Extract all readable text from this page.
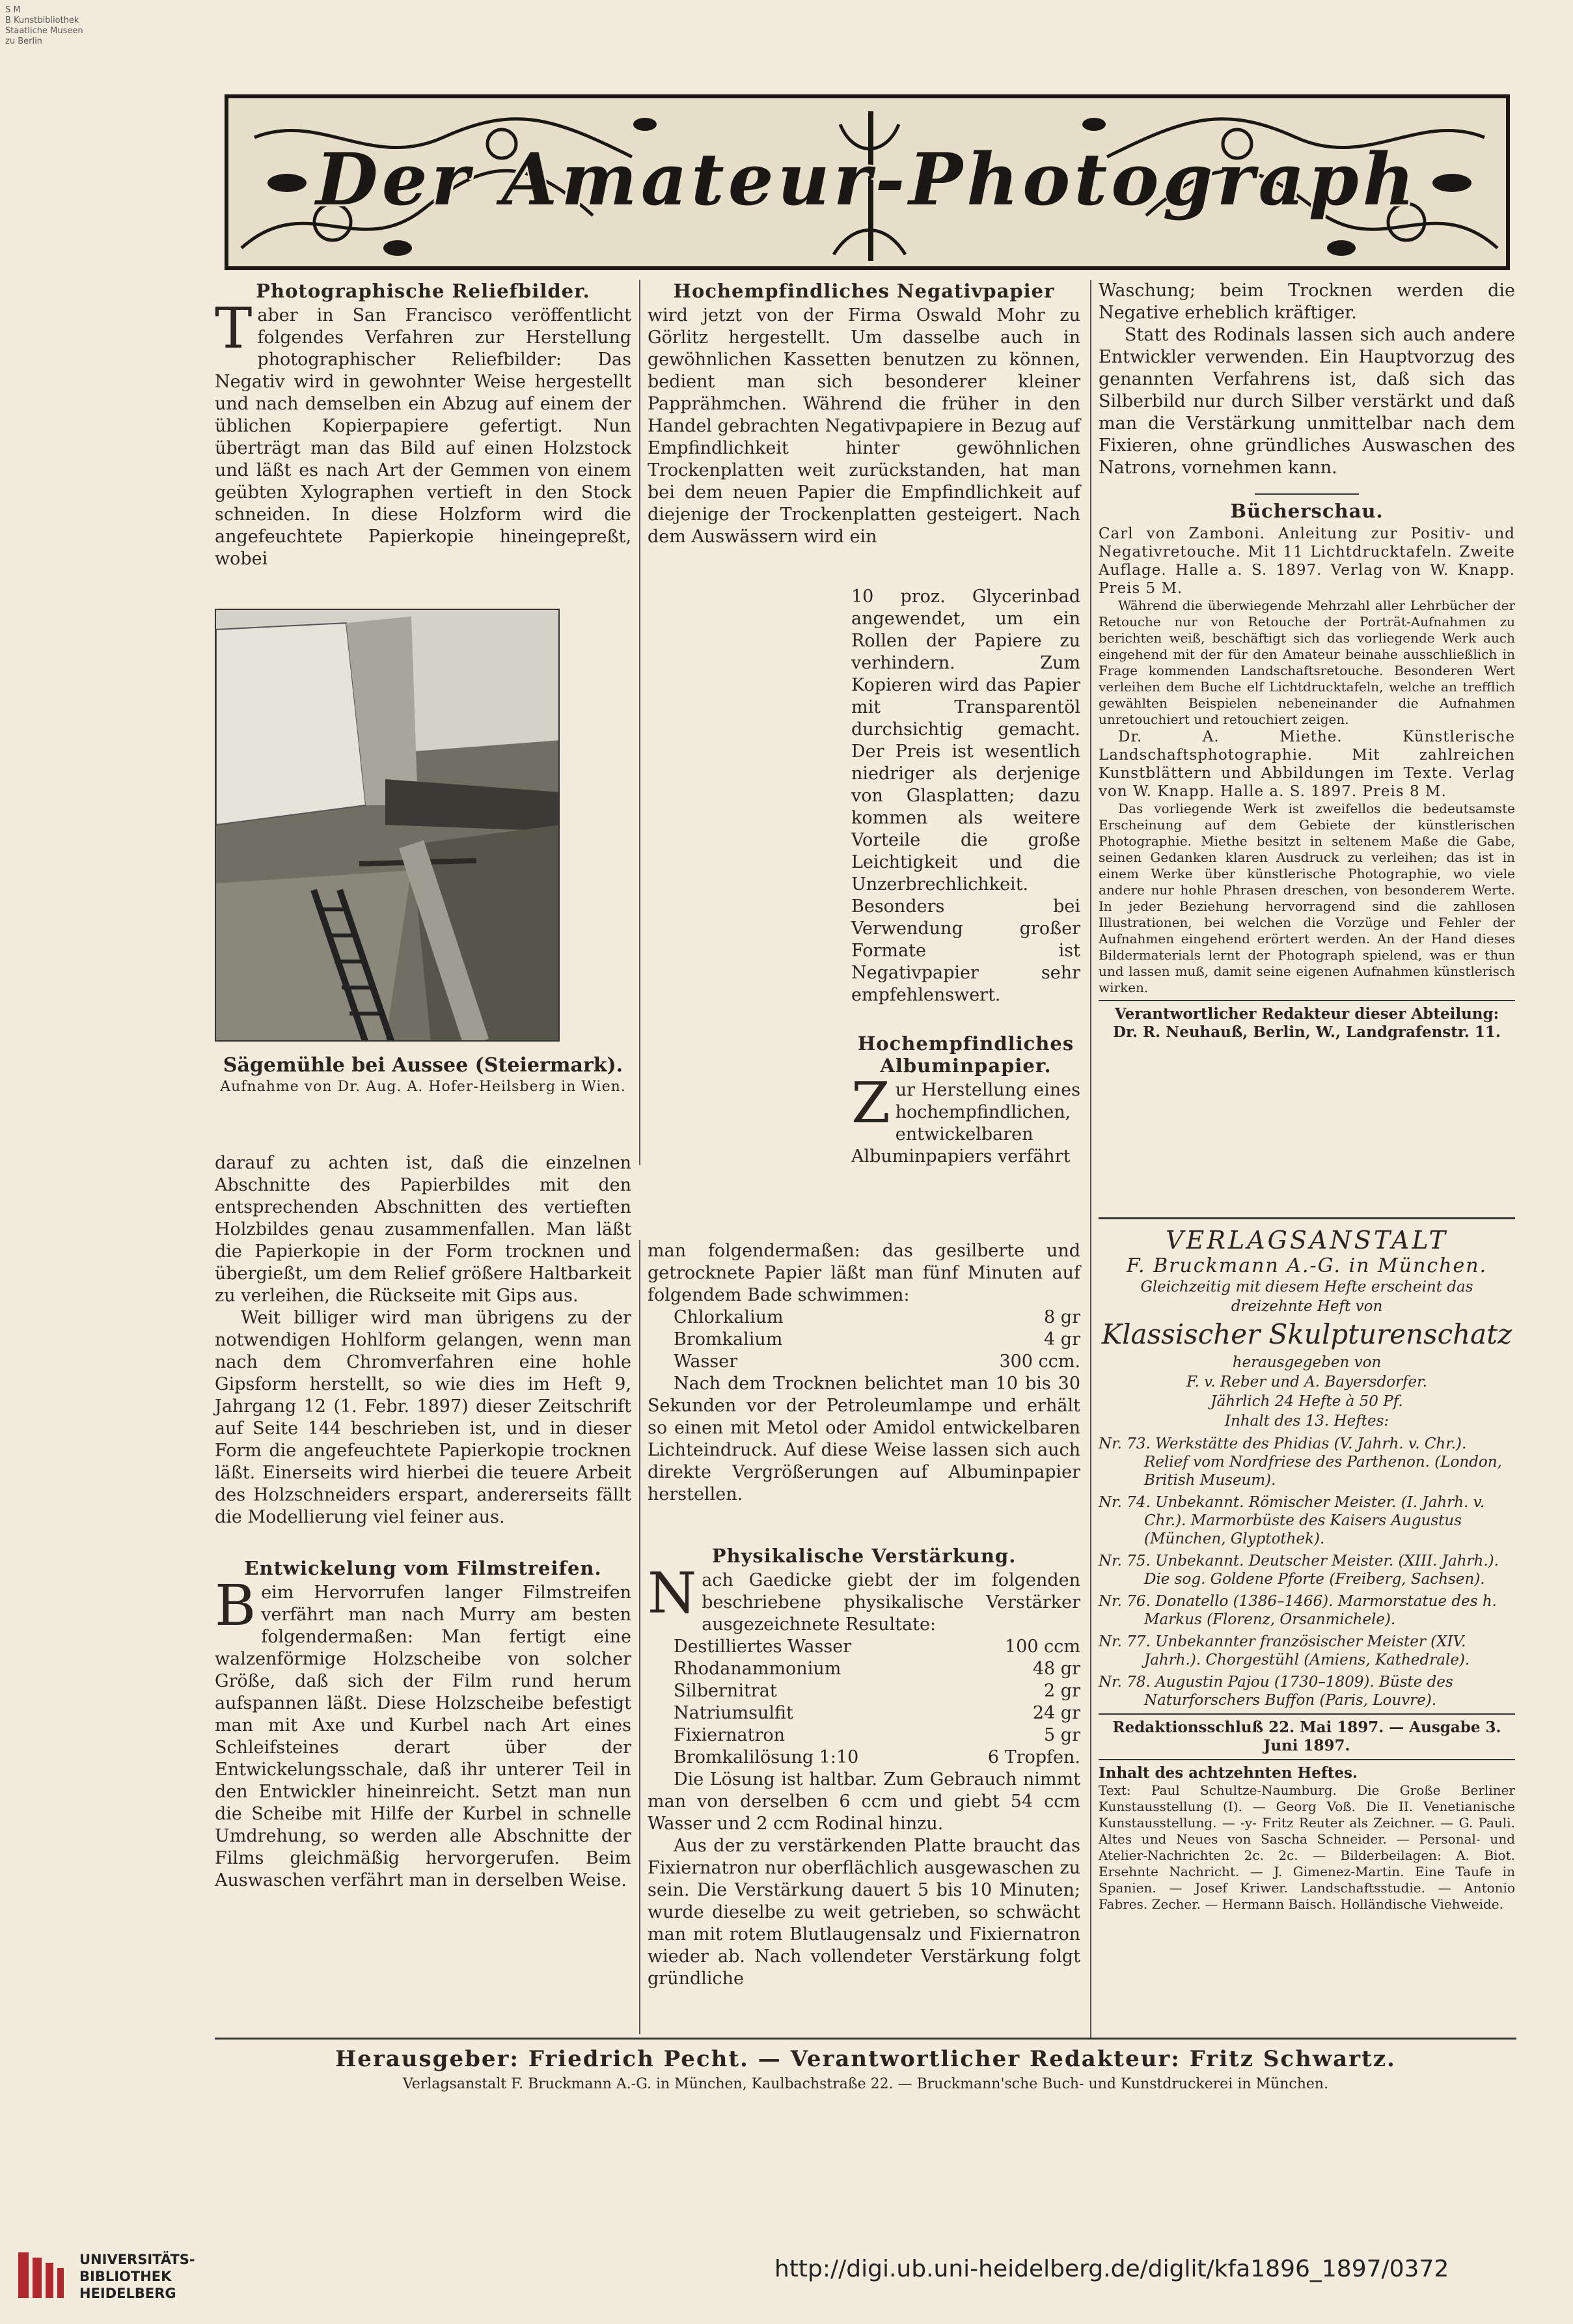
S M
B Kunstbibliothek
Staatliche Museen
zu Berlin
Der Amateur-Photograph
Photographische Reliefbilder.

Taber in San Francisco veröffentlicht folgendes Verfahren zur Herstellung photographischer Reliefbilder: Das Negativ wird in gewohnter Weise hergestellt und nach demselben ein Abzug auf einem der üblichen Kopierpapiere gefertigt. Nun überträgt man das Bild auf einen Holzstock und läßt es nach Art der Gemmen von einem geübten Xylographen vertieft in den Stock schneiden. In diese Holzform wird die angefeuchtete Papierkopie hineingepreßt, wobei

Sägemühle bei Aussee (Steiermark).
Aufnahme von Dr. Aug. A. Hofer-Heilsberg in Wien.

darauf zu achten ist, daß die einzelnen Abschnitte des Papierbildes mit den entsprechenden Abschnitten des vertieften Holzbildes genau zusammenfallen. Man läßt die Papierkopie in der Form trocknen und übergießt, um dem Relief größere Haltbarkeit zu verleihen, die Rückseite mit Gips aus.

Weit billiger wird man übrigens zu der notwendigen Hohlform gelangen, wenn man nach dem Chromverfahren eine hohle Gipsform herstellt, so wie dies im Heft 9, Jahrgang 12 (1. Febr. 1897) dieser Zeitschrift auf Seite 144 beschrieben ist, und in dieser Form die angefeuchtete Papierkopie trocknen läßt. Einerseits wird hierbei die teuere Arbeit des Holzschneiders erspart, andererseits fällt die Modellierung viel feiner aus.

Entwickelung vom Filmstreifen.

Beim Hervorrufen langer Filmstreifen verfährt man nach Murry am besten folgendermaßen: Man fertigt eine walzenförmige Holzscheibe von solcher Größe, daß sich der Film rund herum aufspannen läßt. Diese Holzscheibe befestigt man mit Axe und Kurbel nach Art eines Schleifsteines derart über der Entwickelungsschale, daß ihr unterer Teil in den Entwickler hineinreicht. Setzt man nun die Scheibe mit Hilfe der Kurbel in schnelle Umdrehung, so werden alle Abschnitte der Films gleichmäßig hervorgerufen. Beim Auswaschen verfährt man in derselben Weise.

Hochempfindliches Negativpapier

wird jetzt von der Firma Oswald Mohr zu Görlitz hergestellt. Um dasselbe auch in gewöhnlichen Kassetten benutzen zu können, bedient man sich besonderer kleiner Papprähmchen. Während die früher in den Handel gebrachten Negativpapiere in Bezug auf Empfindlichkeit hinter gewöhnlichen Trockenplatten weit zurückstanden, hat man bei dem neuen Papier die Empfindlichkeit auf diejenige der Trockenplatten gesteigert. Nach dem Auswässern wird ein

10 proz. Glycerinbad angewendet, um ein Rollen der Papiere zu verhindern. Zum Kopieren wird das Papier mit Transparentöl durchsichtig gemacht. Der Preis ist wesentlich niedriger als derjenige von Glasplatten; dazu kommen als weitere Vorteile die große Leichtigkeit und die Unzerbrechlichkeit. Besonders bei Verwendung großer Formate ist Negativpapier sehr empfehlenswert.

Hochempfindliches Albuminpapier.

Zur Herstellung eines hochempfindlichen, entwickelbaren Albuminpapiers verfährt

man folgendermaßen: das gesilberte und getrocknete Papier läßt man fünf Minuten auf folgendem Bade schwimmen:

Chlorkalium	8 gr
Bromkalium	4 gr
Wasser	300 ccm.

Nach dem Trocknen belichtet man 10 bis 30 Sekunden vor der Petroleumlampe und erhält so einen mit Metol oder Amidol entwickelbaren Lichteindruck. Auf diese Weise lassen sich auch direkte Vergrößerungen auf Albuminpapier herstellen.

Physikalische Verstärkung.

Nach Gaedicke giebt der im folgenden beschriebene physikalische Verstärker ausgezeichnete Resultate:

Destilliertes Wasser	100 ccm
Rhodanammonium	48 gr
Silbernitrat	2 gr
Natriumsulfit	24 gr
Fixiernatron	5 gr
Bromkalilösung 1:10	6 Tropfen.

Die Lösung ist haltbar. Zum Gebrauch nimmt man von derselben 6 ccm und giebt 54 ccm Wasser und 2 ccm Rodinal hinzu.

Aus der zu verstärkenden Platte braucht das Fixiernatron nur oberflächlich ausgewaschen zu sein. Die Verstärkung dauert 5 bis 10 Minuten; wurde dieselbe zu weit getrieben, so schwächt man mit rotem Blutlaugensalz und Fixiernatron wieder ab. Nach vollendeter Verstärkung folgt gründliche

Waschung; beim Trocknen werden die Negative erheblich kräftiger.

Statt des Rodinals lassen sich auch andere Entwickler verwenden. Ein Hauptvorzug des genannten Verfahrens ist, daß sich das Silberbild nur durch Silber verstärkt und daß man die Verstärkung unmittelbar nach dem Fixieren, ohne gründliches Auswaschen des Natrons, vornehmen kann.

Bücherschau.

Carl von Zamboni. Anleitung zur Positiv- und Negativretouche. Mit 11 Lichtdrucktafeln. Zweite Auflage. Halle a. S. 1897. Verlag von W. Knapp. Preis 5 M.

Während die überwiegende Mehrzahl aller Lehrbücher der Retouche nur von Retouche der Porträt-Aufnahmen zu berichten weiß, beschäftigt sich das vorliegende Werk auch eingehend mit der für den Amateur beinahe ausschließlich in Frage kommenden Landschaftsretouche. Besonderen Wert verleihen dem Buche elf Lichtdrucktafeln, welche an trefflich gewählten Beispielen nebeneinander die Aufnahmen unretouchiert und retouchiert zeigen.

Dr. A. Miethe. Künstlerische Landschaftsphotographie. Mit zahlreichen Kunstblättern und Abbildungen im Texte. Verlag von W. Knapp. Halle a. S. 1897. Preis 8 M.

Das vorliegende Werk ist zweifellos die bedeutsamste Erscheinung auf dem Gebiete der künstlerischen Photographie. Miethe besitzt in seltenem Maße die Gabe, seinen Gedanken klaren Ausdruck zu verleihen; das ist in einem Werke über künstlerische Photographie, wo viele andere nur hohle Phrasen dreschen, von besonderem Werte. In jeder Beziehung hervorragend sind die zahllosen Illustrationen, bei welchen die Vorzüge und Fehler der Aufnahmen eingehend erörtert werden. An der Hand dieses Bildermaterials lernt der Photograph spielend, was er thun und lassen muß, damit seine eigenen Aufnahmen künstlerisch wirken.

Verantwortlicher Redakteur dieser Abteilung:

Dr. R. Neuhauß, Berlin, W., Landgrafenstr. 11.

VERLAGSANSTALT
F. Bruckmann A.-G. in München.
Gleichzeitig mit diesem Hefte erscheint das
dreizehnte Heft von
Klassischer Skulpturenschatz
herausgegeben von
F. v. Reber und A. Bayersdorfer.
Jährlich 24 Hefte à 50 Pf.
Inhalt des 13. Heftes:
Nr. 73. Werkstätte des Phidias (V. Jahrh. v. Chr.). Relief vom Nordfriese des Parthenon. (London, British Museum).
Nr. 74. Unbekannt. Römischer Meister. (I. Jahrh. v. Chr.). Marmorbüste des Kaisers Augustus (München, Glyptothek).
Nr. 75. Unbekannt. Deutscher Meister. (XIII. Jahrh.). Die sog. Goldene Pforte (Freiberg, Sachsen).
Nr. 76. Donatello (1386–1466). Marmorstatue des h. Markus (Florenz, Orsanmichele).
Nr. 77. Unbekannter französischer Meister (XIV. Jahrh.). Chorgestühl (Amiens, Kathedrale).
Nr. 78. Augustin Pajou (1730–1809). Büste des Naturforschers Buffon (Paris, Louvre).
Redaktionsschluß 22. Mai 1897. — Ausgabe 3. Juni 1897.
Inhalt des achtzehnten Heftes.
Text: Paul Schultze-Naumburg. Die Große Berliner Kunstausstellung (I). — Georg Voß. Die II. Venetianische Kunstausstellung. — -y- Fritz Reuter als Zeichner. — G. Pauli. Altes und Neues von Sascha Schneider. — Personal- und Atelier-Nachrichten 2c. 2c. — Bilderbeilagen: A. Biot. Ersehnte Nachricht. — J. Gimenez-Martin. Eine Taufe in Spanien. — Josef Kriwer. Landschaftsstudie. — Antonio Fabres. Zecher. — Hermann Baisch. Holländische Viehweide.
Herausgeber: Friedrich Pecht. — Verantwortlicher Redakteur: Fritz Schwartz.
Verlagsanstalt F. Bruckmann A.-G. in München, Kaulbachstraße 22. — Bruckmann'sche Buch- und Kunstdruckerei in München.
UNIVERSITÄTS-
BIBLIOTHEK
HEIDELBERG
http://digi.ub.uni-heidelberg.de/diglit/kfa1896_1897/0372
